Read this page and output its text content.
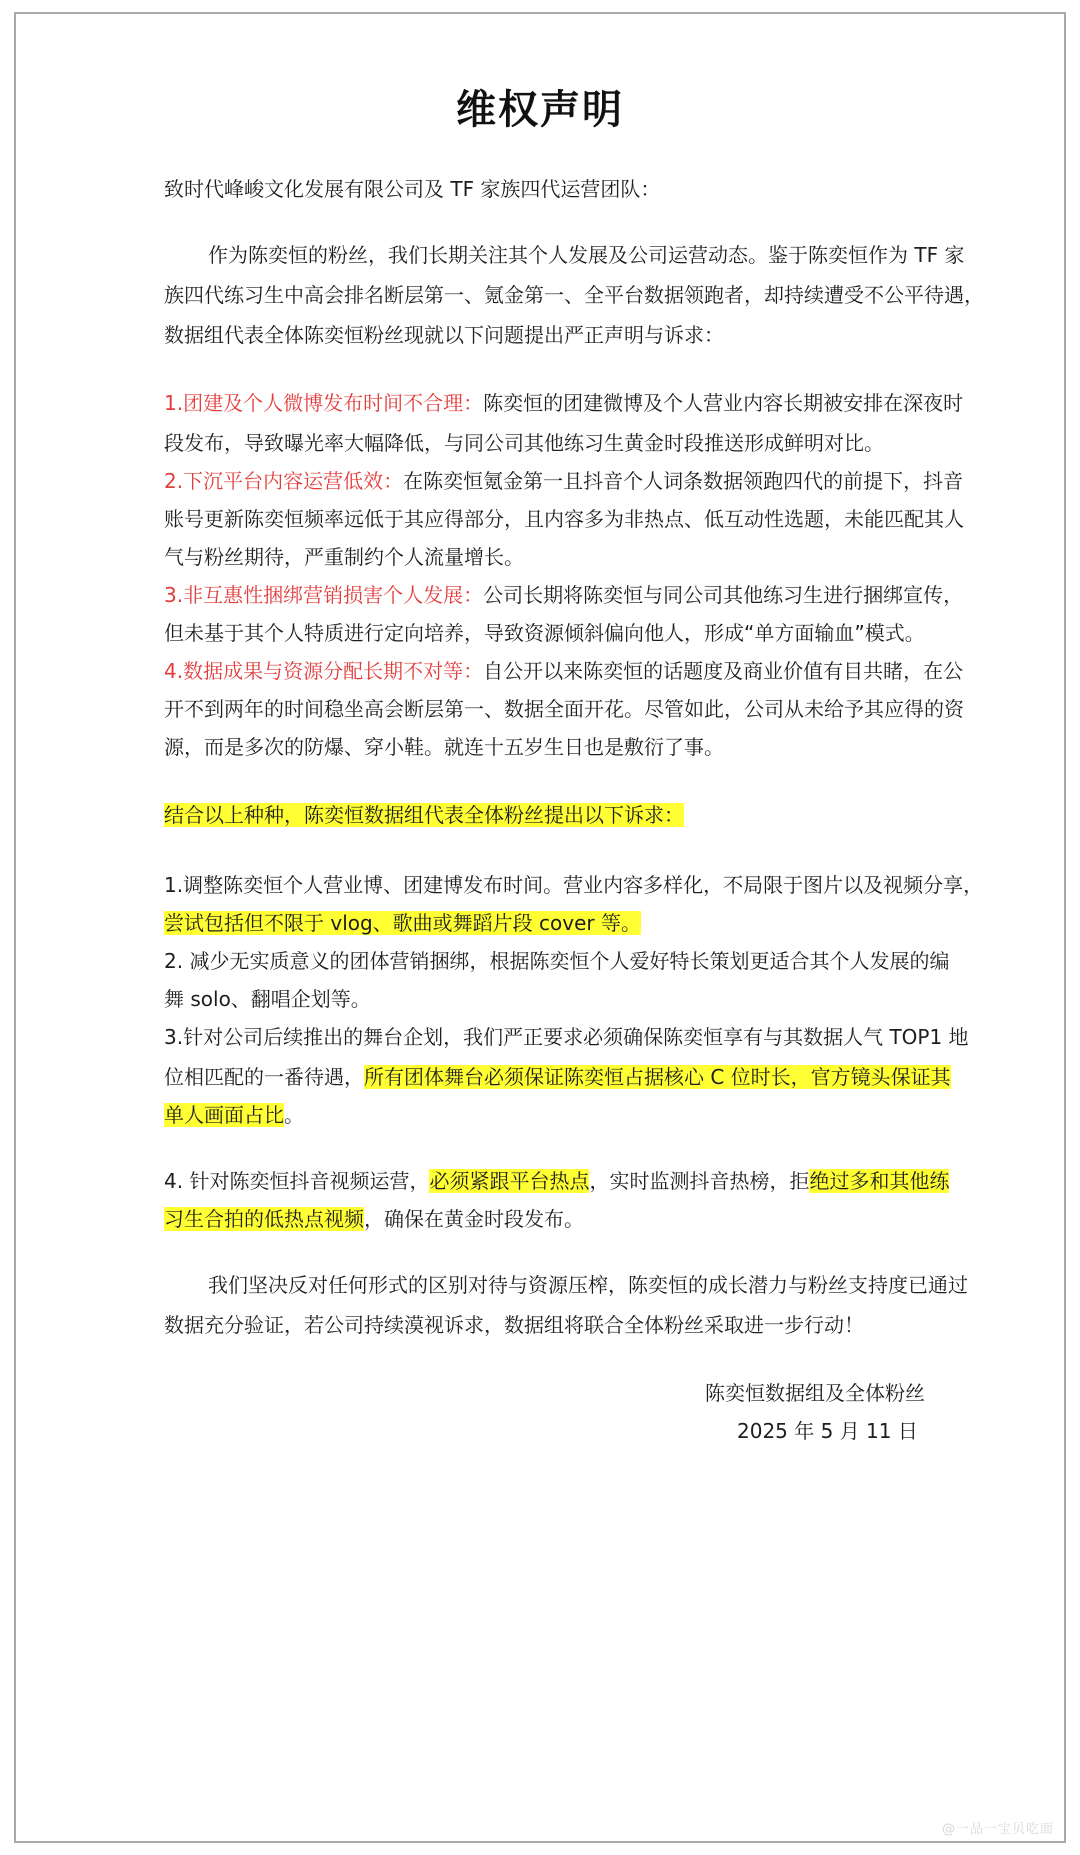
维权声明
致时代峰峻文化发展有限公司及 TF 家族四代运营团队：
作为陈奕恒的粉丝，我们长期关注其个人发展及公司运营动态。鉴于陈奕恒作为 TF 家
族四代练习生中高会排名断层第一、氪金第一、全平台数据领跑者，却持续遭受不公平待遇，
数据组代表全体陈奕恒粉丝现就以下问题提出严正声明与诉求：
1.团建及个人微博发布时间不合理：陈奕恒的团建微博及个人营业内容长期被安排在深夜时
段发布，导致曝光率大幅降低，与同公司其他练习生黄金时段推送形成鲜明对比。
2.下沉平台内容运营低效：在陈奕恒氪金第一且抖音个人词条数据领跑四代的前提下，抖音
账号更新陈奕恒频率远低于其应得部分，且内容多为非热点、低互动性选题，未能匹配其人
气与粉丝期待，严重制约个人流量增长。
3.非互惠性捆绑营销损害个人发展：公司长期将陈奕恒与同公司其他练习生进行捆绑宣传，
但未基于其个人特质进行定向培养，导致资源倾斜偏向他人，形成“单方面输血”模式。
4.数据成果与资源分配长期不对等：自公开以来陈奕恒的话题度及商业价值有目共睹，在公
开不到两年的时间稳坐高会断层第一、数据全面开花。尽管如此，公司从未给予其应得的资
源，而是多次的防爆、穿小鞋。就连十五岁生日也是敷衍了事。
结合以上种种，陈奕恒数据组代表全体粉丝提出以下诉求：
1.调整陈奕恒个人营业博、团建博发布时间。营业内容多样化，不局限于图片以及视频分享，
尝试包括但不限于 vlog、歌曲或舞蹈片段 cover 等。
2. 减少无实质意义的团体营销捆绑，根据陈奕恒个人爱好特长策划更适合其个人发展的编
舞 solo、翻唱企划等。
3.针对公司后续推出的舞台企划，我们严正要求必须确保陈奕恒享有与其数据人气 TOP1 地
位相匹配的一番待遇，所有团体舞台必须保证陈奕恒占据核心 C 位时长，官方镜头保证其
单人画面占比。
4. 针对陈奕恒抖音视频运营，必须紧跟平台热点，实时监测抖音热榜，拒绝过多和其他练
习生合拍的低热点视频，确保在黄金时段发布。
我们坚决反对任何形式的区别对待与资源压榨，陈奕恒的成长潜力与粉丝支持度已通过
数据充分验证，若公司持续漠视诉求，数据组将联合全体粉丝采取进一步行动！
陈奕恒数据组及全体粉丝
2025 年 5 月 11 日
@一品一宝贝吃面
